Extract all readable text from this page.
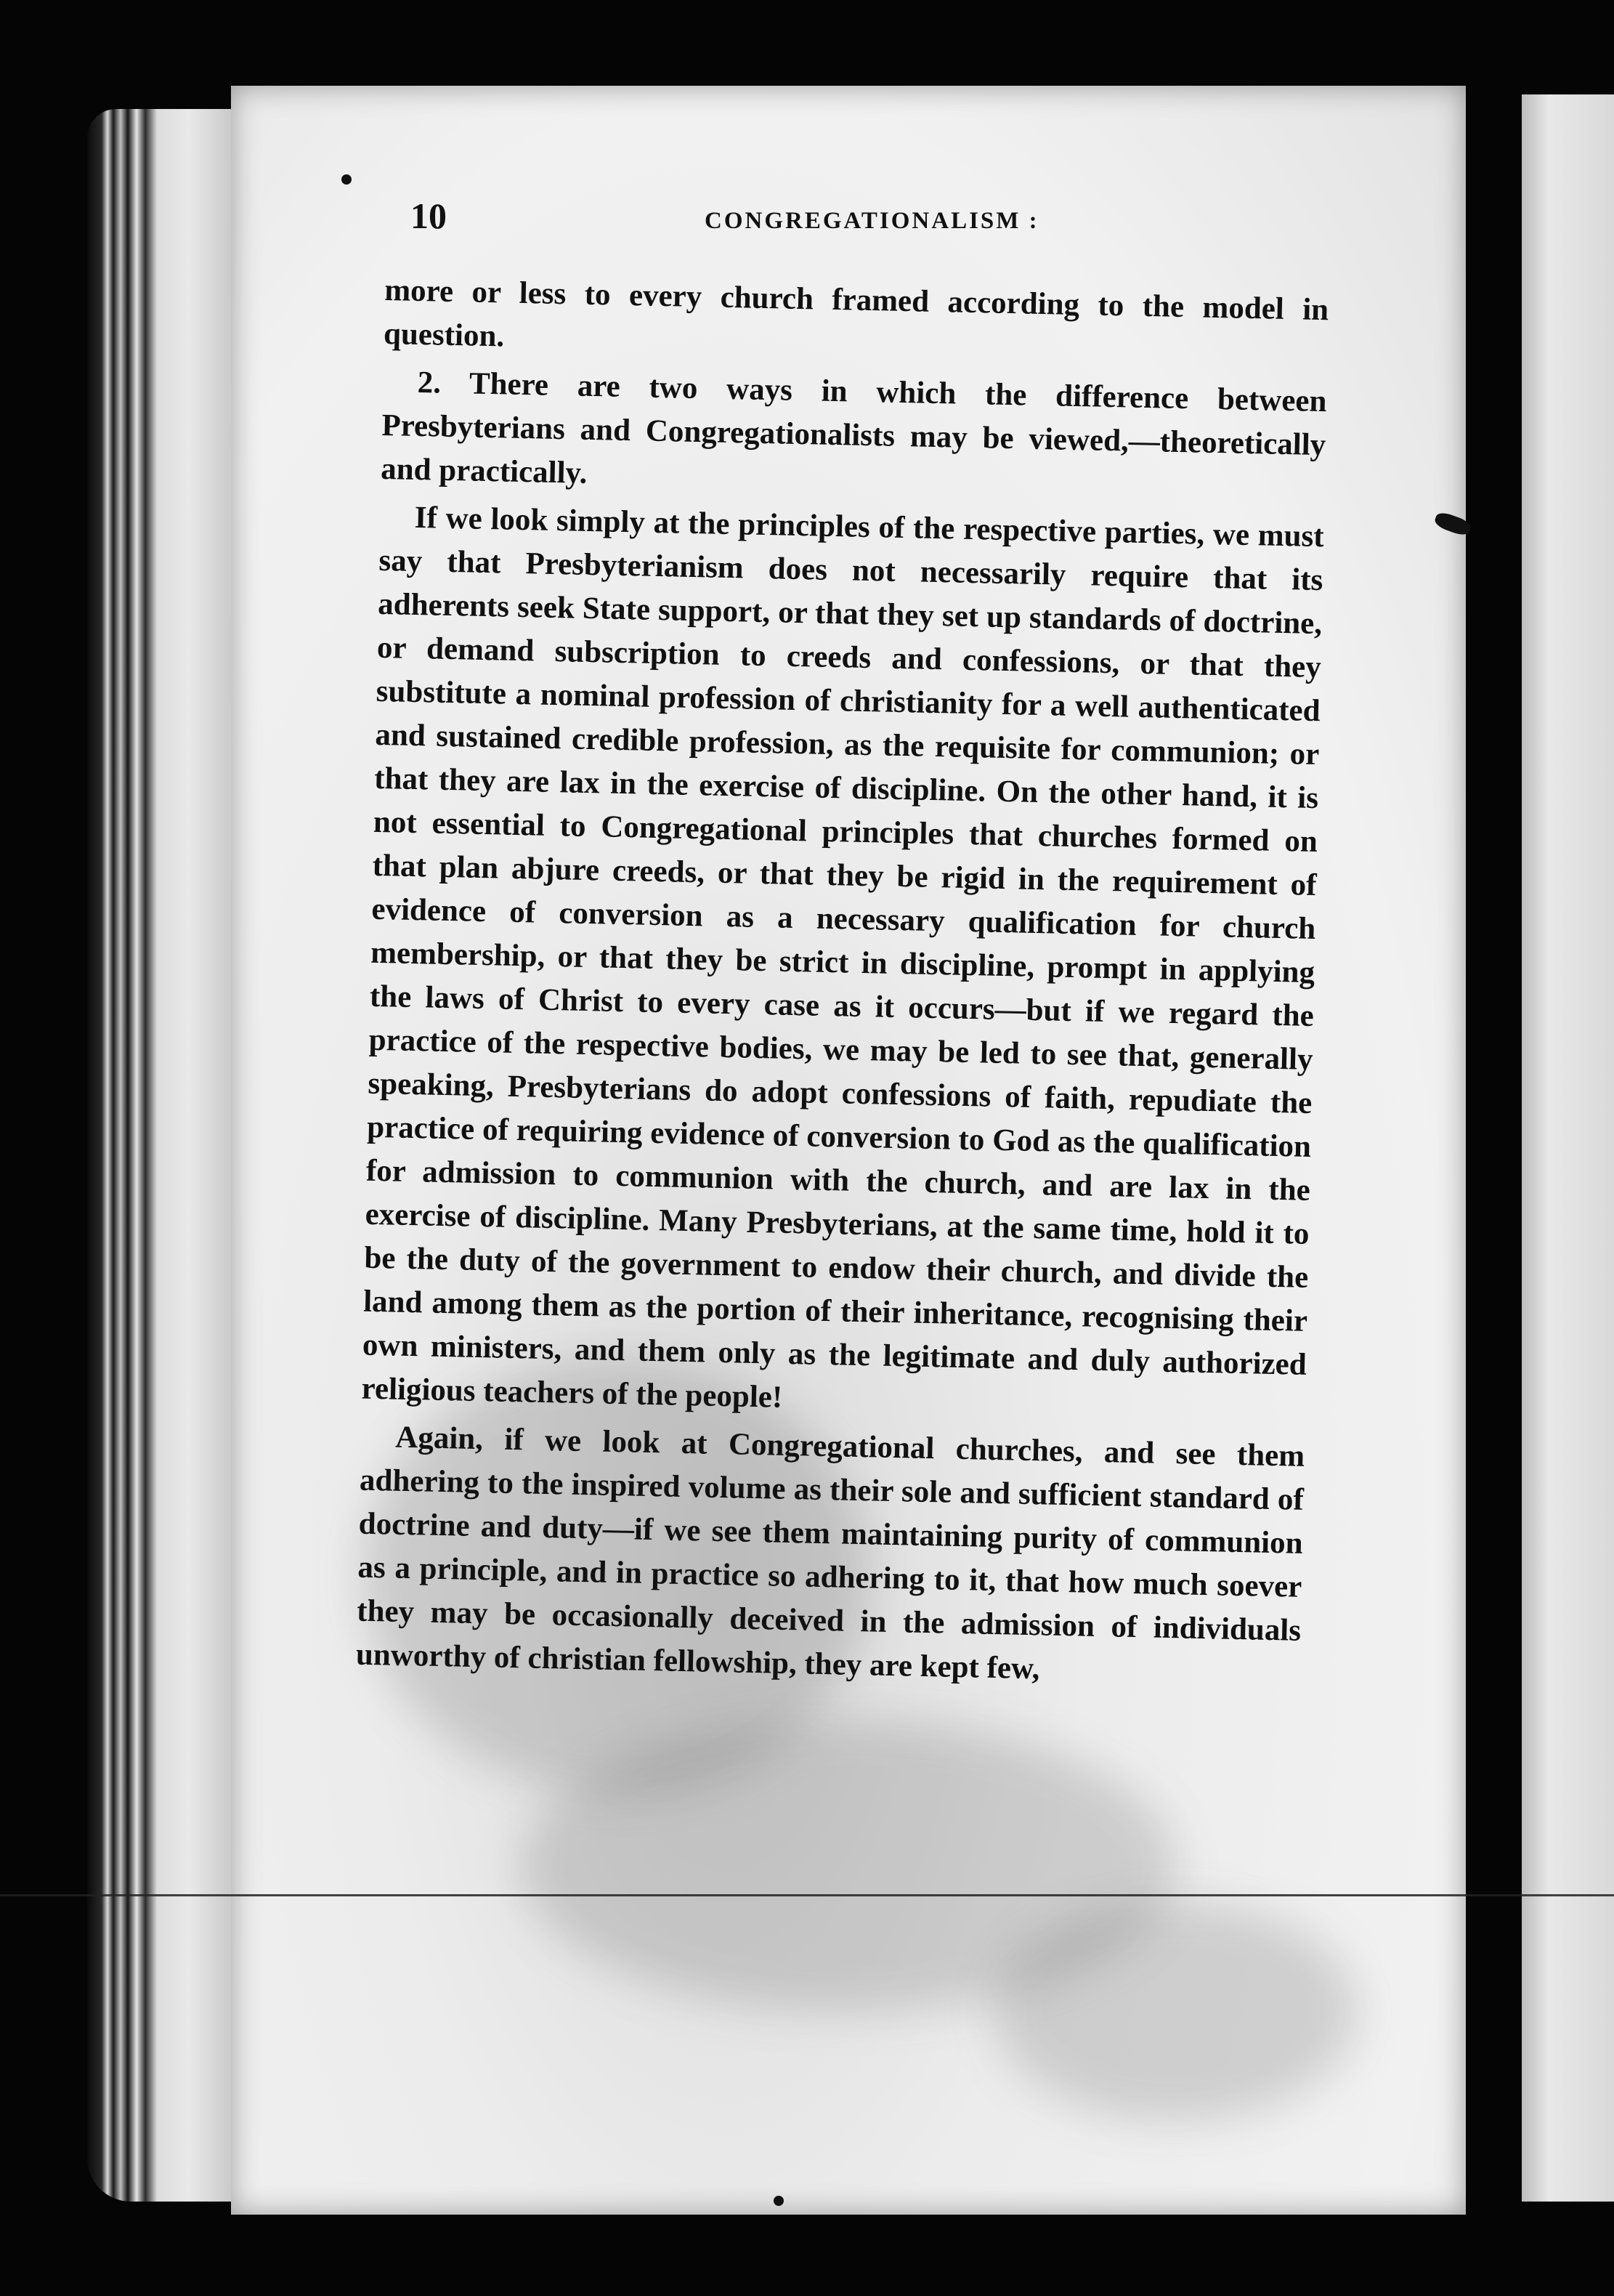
10	CONGREGATIONALISM :

more or less to every church framed according to the model in question.

2. There are two ways in which the difference between Presbyterians and Congregationalists may be viewed,—theoretically and practically.

If we look simply at the principles of the respective parties, we must say that Presbyterianism does not necessarily require that its adherents seek State support, or that they set up standards of doctrine, or demand subscription to creeds and confessions, or that they substitute a nominal profession of christianity for a well authenticated and sustained credible profession, as the requisite for communion; or that they are lax in the exercise of discipline. On the other hand, it is not essential to Congregational principles that churches formed on that plan abjure creeds, or that they be rigid in the requirement of evidence of conversion as a necessary qualification for church membership, or that they be strict in discipline, prompt in applying the laws of Christ to every case as it occurs—but if we regard the practice of the respective bodies, we may be led to see that, generally speaking, Presbyterians do adopt confessions of faith, repudiate the practice of requiring evidence of conversion to God as the qualification for admission to communion with the church, and are lax in the exercise of discipline. Many Presbyterians, at the same time, hold it to be the duty of the government to endow their church, and divide the land among them as the portion of their inheritance, recognising their own ministers, and them only as the legitimate and duly authorized religious teachers of the people!

Again, if we look at Congregational churches, and see them adhering to the inspired volume as their sole and sufficient standard of doctrine and duty—if we see them maintaining purity of communion as a principle, and in practice so adhering to it, that how much soever they may be occasionally deceived in the admission of individuals unworthy of christian fellowship, they are kept few,
